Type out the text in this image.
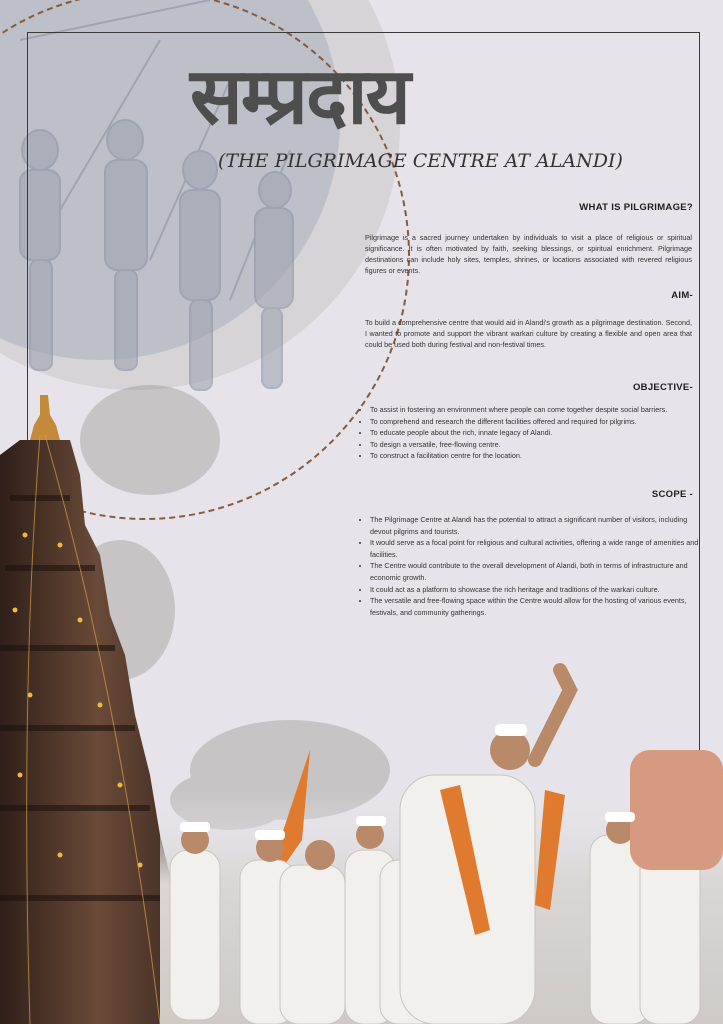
सम्प्रदाय
(THE PILGRIMAGE CENTRE AT ALANDI)
WHAT IS PILGRIMAGE?
Pilgrimage is a sacred journey undertaken by individuals to visit a place of religious or spiritual significance. It is often motivated by faith, seeking blessings, or spiritual enrichment. Pilgrimage destinations can include holy sites, temples, shrines, or locations associated with revered religious figures or events.
AIM-
To build a comprehensive centre that would aid in Alandi's growth as a pilgrimage destination. Second, I wanted to promote and support the vibrant warkari culture by creating a flexible and open area that could be used both during festival and non-festival times.
OBJECTIVE-
• To assist in fostering an environment where people can come together despite social barriers.
• To comprehend and research the different facilities offered and required for pilgrims.
• To educate people about the rich, innate legacy of Alandi.
• To design a versatile, free-flowing centre.
• To construct a facilitation centre for the location.
SCOPE -
• The Pilgrimage Centre at Alandi has the potential to attract a significant number of visitors, including devout pilgrims and tourists.
• It would serve as a focal point for religious and cultural activities, offering a wide range of amenities and facilities.
• The Centre would contribute to the overall development of Alandi, both in terms of infrastructure and economic growth.
• It could act as a platform to showcase the rich heritage and traditions of the warkari culture.
• The versatile and free-flowing space within the Centre would allow for the hosting of various events, festivals, and community gatherings.
